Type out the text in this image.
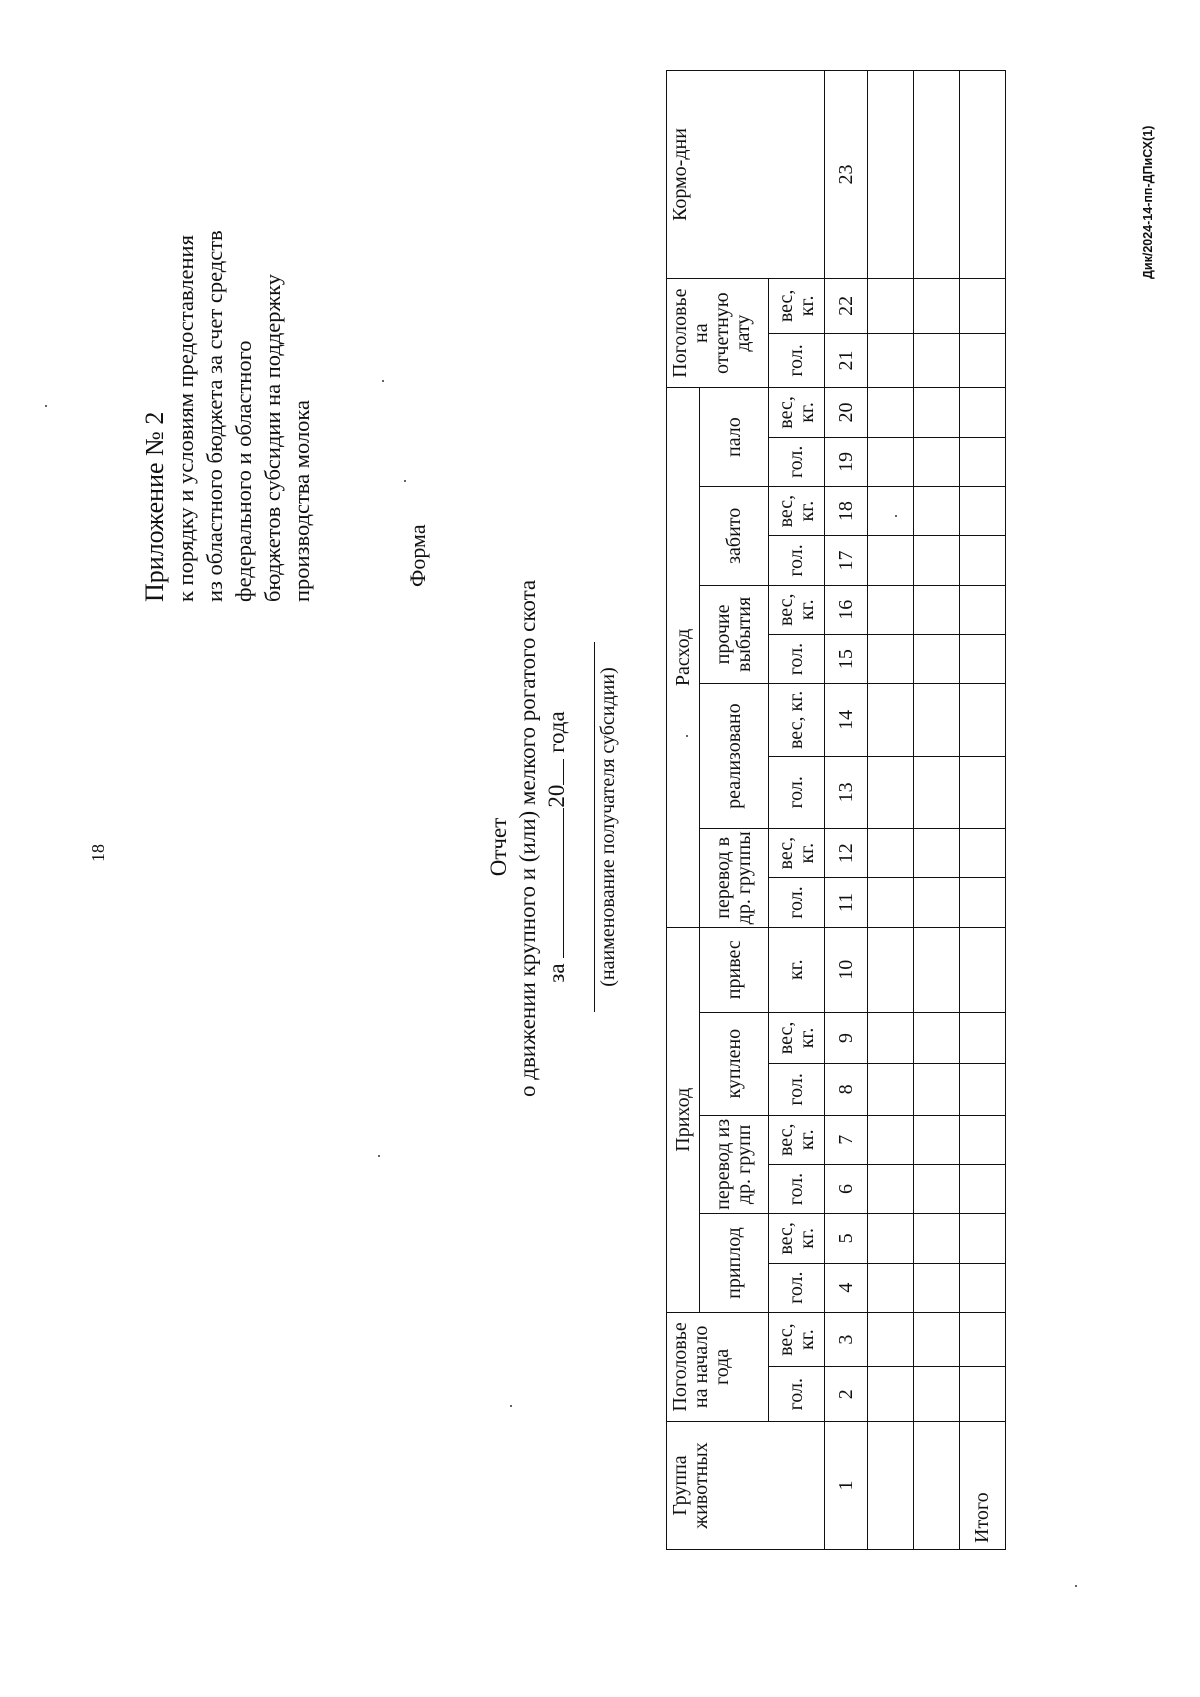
18
Приложение № 2 к порядку и условиям предоставления из областного бюджета за счет средств федерального и областного бюджетов субсидии на поддержку производства молока	Форма
Отчет о движении крупного и (или) мелкого рогатого скота за 20 года (наименование получателя субсидии)
Группа животных	Поголовье на начало года		Приход							Расход										Поголовье на отчетную дату		Кормо-дни
			приплод		перевод из др. групп		куплено		привес	перевод в др. группы		реализовано		прочие выбытия		забито		пало				
	гол.	вес, кг.	гол.	вес, кг.	гол.	вес, кг.	гол.	вес, кг.	кг.	гол.	вес, кг.	гол.	вес, кг.	гол.	вес, кг.	гол.	вес, кг.	гол.	вес, кг.	гол.	вес, кг.	
1	2	3	4	5	6	7	8	9	10	11	12	13	14	15	16	17	18	19	20	21	22	23

Итого																						
Дик/2024-14-пп-ДПиСХ(1)
